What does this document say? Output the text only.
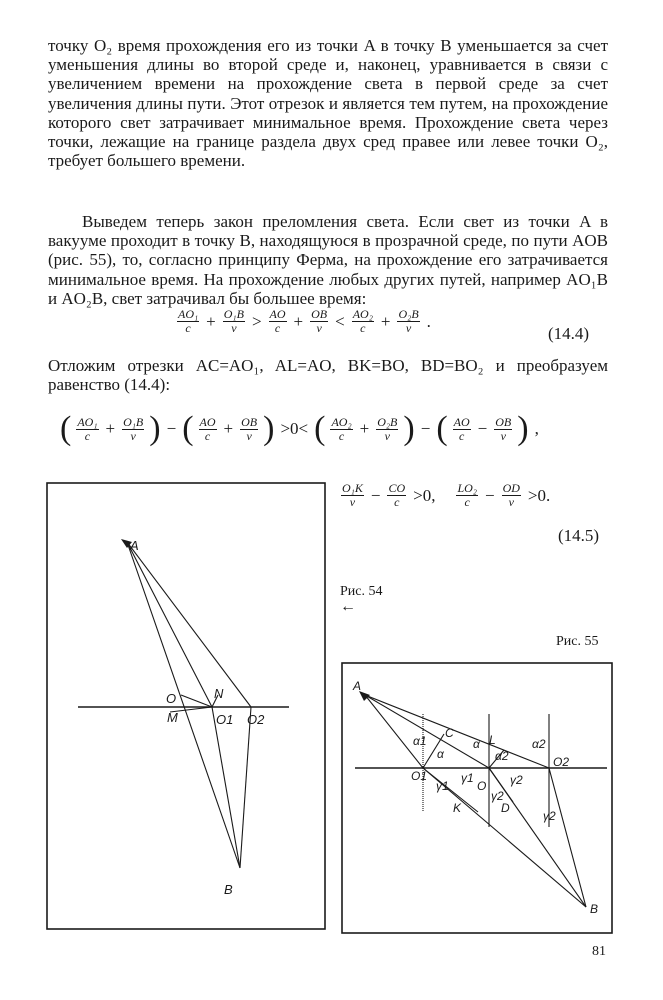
точку O₂ время прохождения его из точки A в точку B уменьшается за счет уменьшения длины во второй среде и, наконец, уравнивается в связи с увеличением времени на прохождение света в первой среде за счет увеличения длины пути. Этот отрезок и является тем путем, на прохождение которого свет затрачивает минимальное время. Прохождение света через точки, лежащие на границе раздела двух сред правее или левее точки O₂, требует большего времени.

Выведем теперь закон преломления света. Если свет из точки A в вакууме проходит в точку B, находящуюся в прозрачной среде, по пути AOB (рис. 55), то, согласно принципу Ферма, на прохождение его затрачивается минимальное время. На прохождение любых других путей, например AO₁B и AO₂B, свет затрачивал бы большее время:

$\frac{\text{AO₁}}{c} + \frac{\text{O₁B}}{v} > \frac{AO}{c} + \frac{OB}{v} < \frac{\text{AO₂}}{c} + \frac{\text{O₂B}}{v}$ .
(14.4)

Отложим отрезки AC=AO₁, AL=AO, BK=BO, BD=BO₂ и преобразуем равенство (14.4):

( $\frac{\text{AO₁}}{c} + \frac{\text{O₁B}}{v}$ ) − ( $\frac{AO}{c} + \frac{OB}{v}$ ) >0< ( $\frac{\text{AO₂}}{c} + \frac{\text{O₂B}}{v}$ ) − ( $\frac{AO}{c} - \frac{OB}{v}$ ) ,
$\frac{\text{O₁K}}{v} - \frac{CO}{c} >0$, $\frac{\text{LO₂}}{c} - \frac{OD}{v} >0$.
(14.5)
Рис. 54
←
Рис. 55
A
O	N
M	O1 O2
B
A
C	L
O2
O1
O
K	D
B
α1
α
α
α2
α2
γ1
γ1
γ2
γ2
γ2
81
